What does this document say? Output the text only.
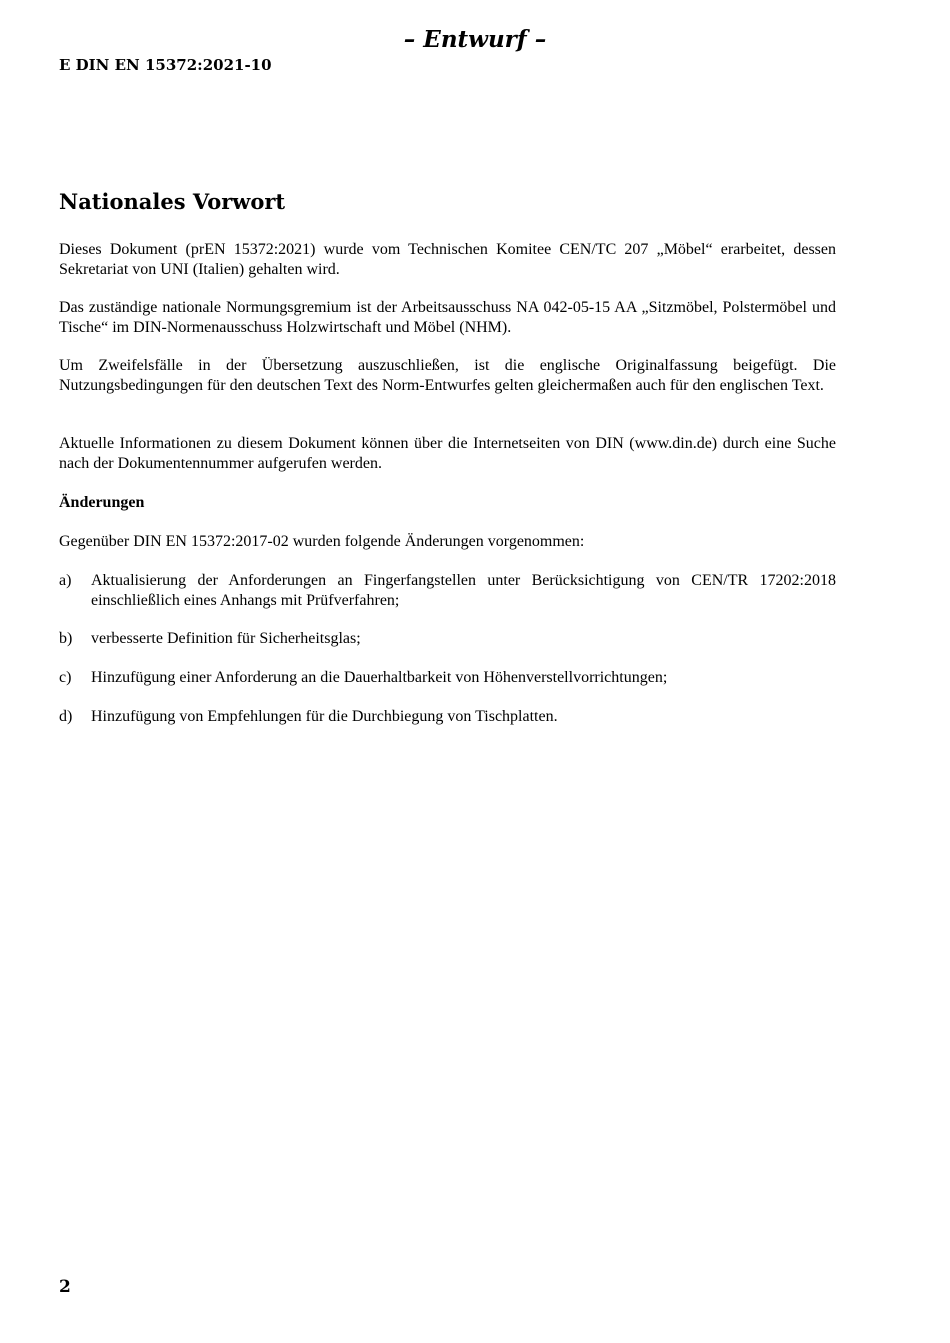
– Entwurf –
E DIN EN 15372:2021-10
Nationales Vorwort
Dieses Dokument (prEN 15372:2021) wurde vom Technischen Komitee CEN/TC 207 „Möbel“ erarbeitet, dessen Sekretariat von UNI (Italien) gehalten wird.
Das zuständige nationale Normungsgremium ist der Arbeitsausschuss NA 042-05-15 AA „Sitzmöbel, Polstermöbel und Tische“ im DIN-Normenausschuss Holzwirtschaft und Möbel (NHM).
Um Zweifelsfälle in der Übersetzung auszuschließen, ist die englische Originalfassung beigefügt. Die Nutzungsbedingungen für den deutschen Text des Norm-Entwurfes gelten gleichermaßen auch für den englischen Text.
Aktuelle Informationen zu diesem Dokument können über die Internetseiten von DIN (www.din.de) durch eine Suche nach der Dokumentennummer aufgerufen werden.
Änderungen
Gegenüber DIN EN 15372:2017-02 wurden folgende Änderungen vorgenommen:
a)	Aktualisierung der Anforderungen an Fingerfangstellen unter Berücksichtigung von CEN/TR 17202:2018 einschließlich eines Anhangs mit Prüfverfahren;
b)	verbesserte Definition für Sicherheitsglas;
c)	Hinzufügung einer Anforderung an die Dauerhaltbarkeit von Höhenverstellvorrichtungen;
d)	Hinzufügung von Empfehlungen für die Durchbiegung von Tischplatten.
2
